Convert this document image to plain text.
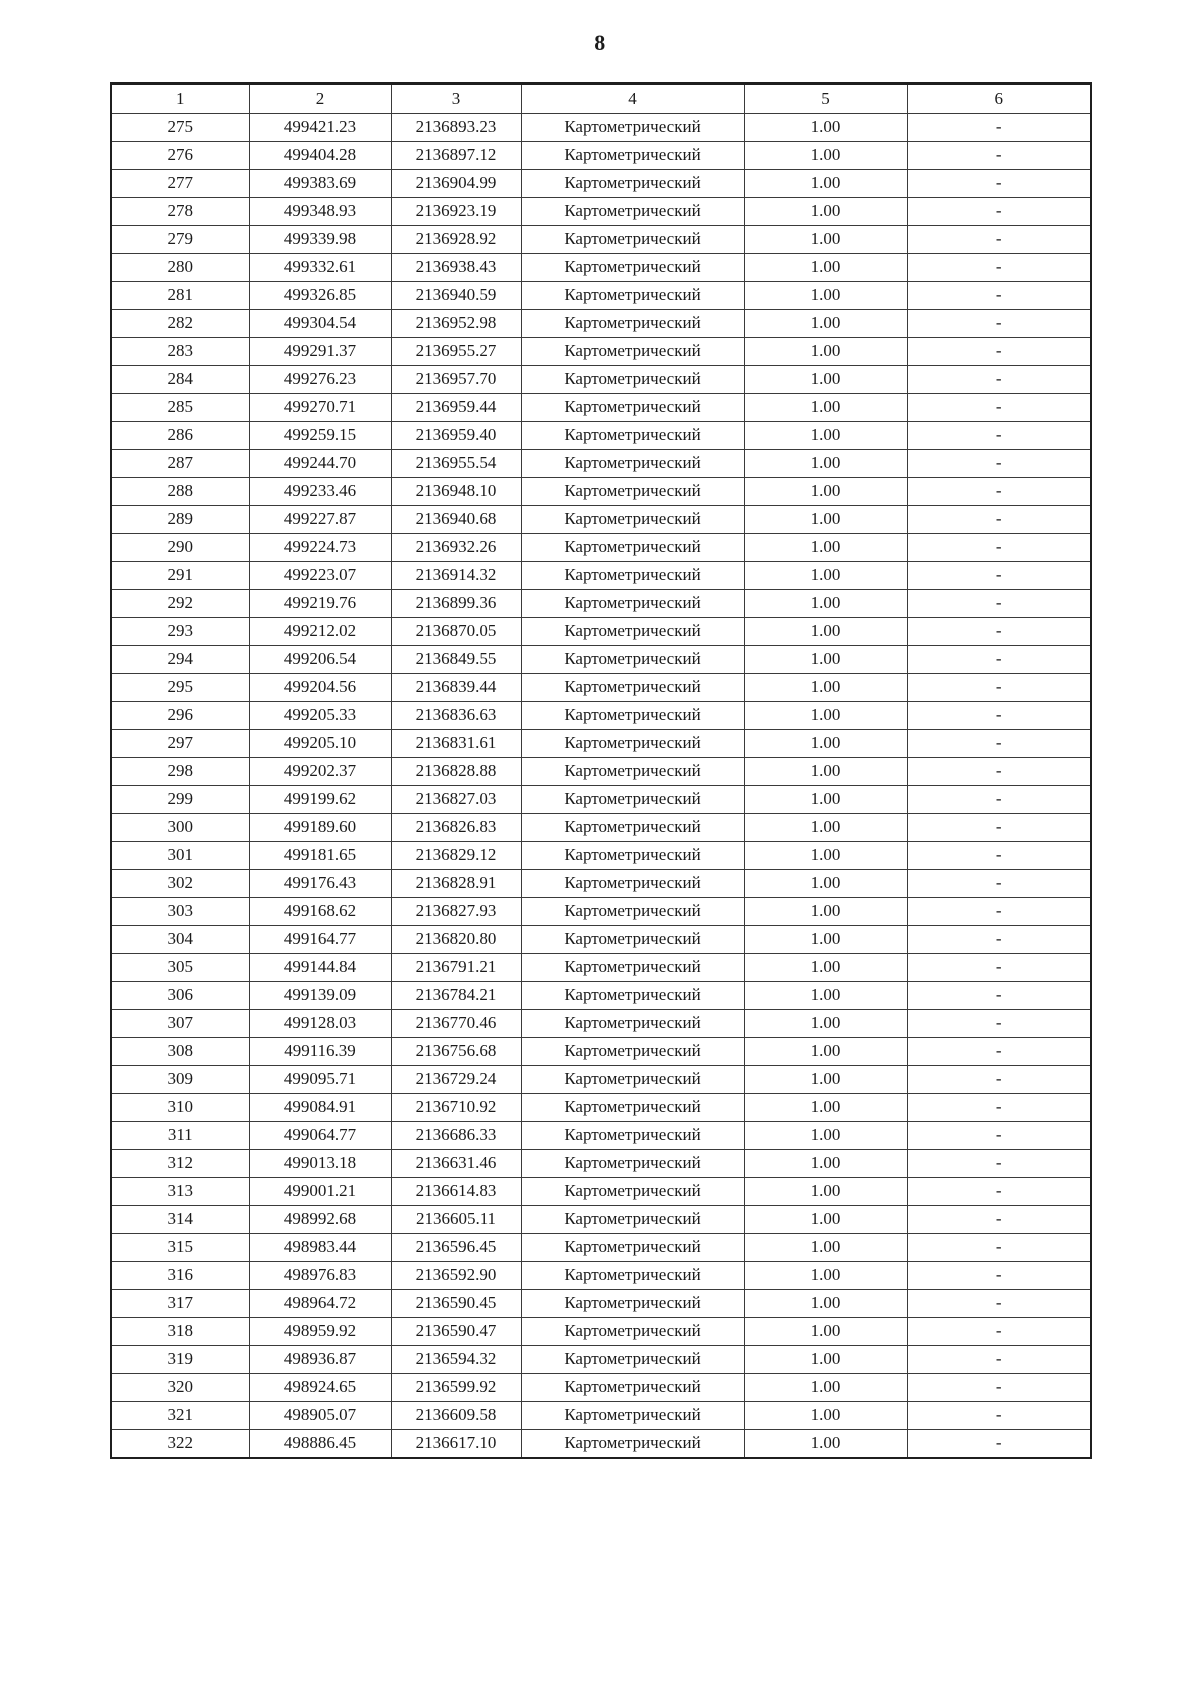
8
1	2	3	4	5	6
275	499421.23	2136893.23	Картометрический	1.00	-
276	499404.28	2136897.12	Картометрический	1.00	-
277	499383.69	2136904.99	Картометрический	1.00	-
278	499348.93	2136923.19	Картометрический	1.00	-
279	499339.98	2136928.92	Картометрический	1.00	-
280	499332.61	2136938.43	Картометрический	1.00	-
281	499326.85	2136940.59	Картометрический	1.00	-
282	499304.54	2136952.98	Картометрический	1.00	-
283	499291.37	2136955.27	Картометрический	1.00	-
284	499276.23	2136957.70	Картометрический	1.00	-
285	499270.71	2136959.44	Картометрический	1.00	-
286	499259.15	2136959.40	Картометрический	1.00	-
287	499244.70	2136955.54	Картометрический	1.00	-
288	499233.46	2136948.10	Картометрический	1.00	-
289	499227.87	2136940.68	Картометрический	1.00	-
290	499224.73	2136932.26	Картометрический	1.00	-
291	499223.07	2136914.32	Картометрический	1.00	-
292	499219.76	2136899.36	Картометрический	1.00	-
293	499212.02	2136870.05	Картометрический	1.00	-
294	499206.54	2136849.55	Картометрический	1.00	-
295	499204.56	2136839.44	Картометрический	1.00	-
296	499205.33	2136836.63	Картометрический	1.00	-
297	499205.10	2136831.61	Картометрический	1.00	-
298	499202.37	2136828.88	Картометрический	1.00	-
299	499199.62	2136827.03	Картометрический	1.00	-
300	499189.60	2136826.83	Картометрический	1.00	-
301	499181.65	2136829.12	Картометрический	1.00	-
302	499176.43	2136828.91	Картометрический	1.00	-
303	499168.62	2136827.93	Картометрический	1.00	-
304	499164.77	2136820.80	Картометрический	1.00	-
305	499144.84	2136791.21	Картометрический	1.00	-
306	499139.09	2136784.21	Картометрический	1.00	-
307	499128.03	2136770.46	Картометрический	1.00	-
308	499116.39	2136756.68	Картометрический	1.00	-
309	499095.71	2136729.24	Картометрический	1.00	-
310	499084.91	2136710.92	Картометрический	1.00	-
311	499064.77	2136686.33	Картометрический	1.00	-
312	499013.18	2136631.46	Картометрический	1.00	-
313	499001.21	2136614.83	Картометрический	1.00	-
314	498992.68	2136605.11	Картометрический	1.00	-
315	498983.44	2136596.45	Картометрический	1.00	-
316	498976.83	2136592.90	Картометрический	1.00	-
317	498964.72	2136590.45	Картометрический	1.00	-
318	498959.92	2136590.47	Картометрический	1.00	-
319	498936.87	2136594.32	Картометрический	1.00	-
320	498924.65	2136599.92	Картометрический	1.00	-
321	498905.07	2136609.58	Картометрический	1.00	-
322	498886.45	2136617.10	Картометрический	1.00	-
